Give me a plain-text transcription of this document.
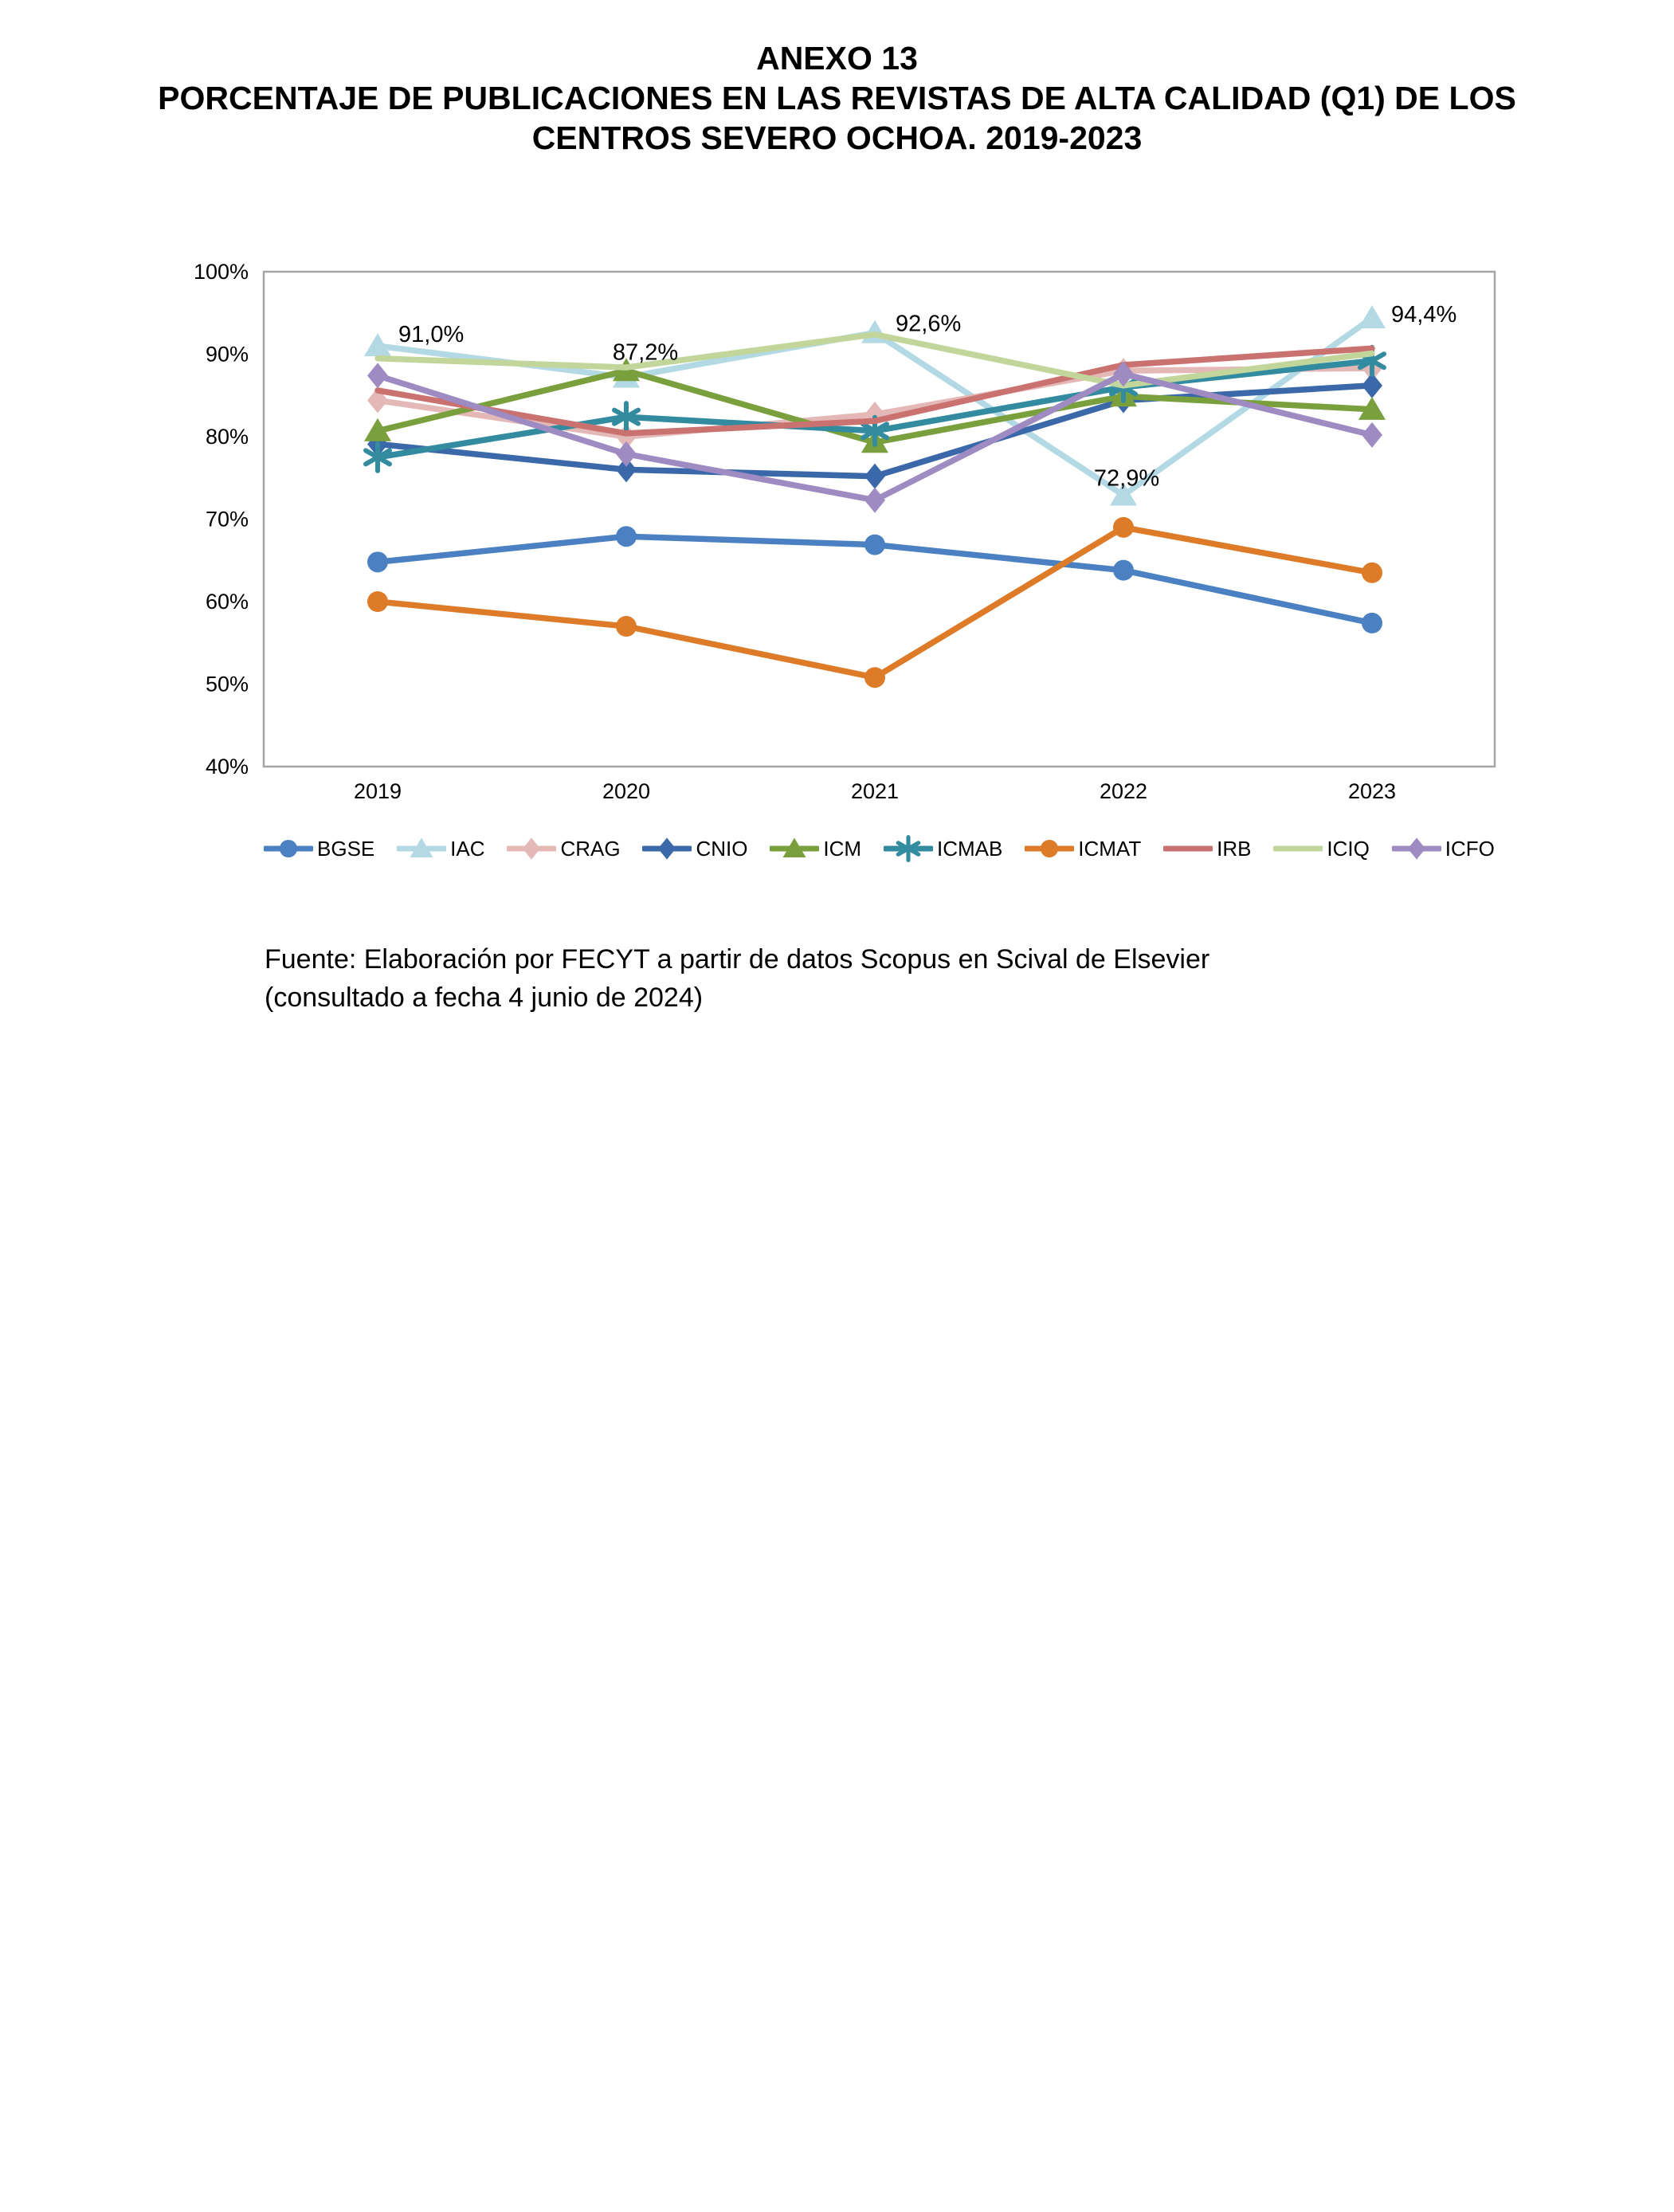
ANEXO 13
PORCENTAJE DE PUBLICACIONES EN LAS REVISTAS DE ALTA CALIDAD (Q1) DE LOS
CENTROS SEVERO OCHOA. 2019-2023
100%
90%
80%
70%
60%
50%
40%
2019	2020	2021	2022	2023
91,0%
87,2%
92,6%
72,9%
94,4%
BGSE	IAC	CRAG	CNIO	ICM	ICMAB	ICMAT	IRB	ICIQ	ICFO
Fuente: Elaboración por FECYT a partir de datos Scopus en Scival de Elsevier
(consultado a fecha 4 junio de 2024)
